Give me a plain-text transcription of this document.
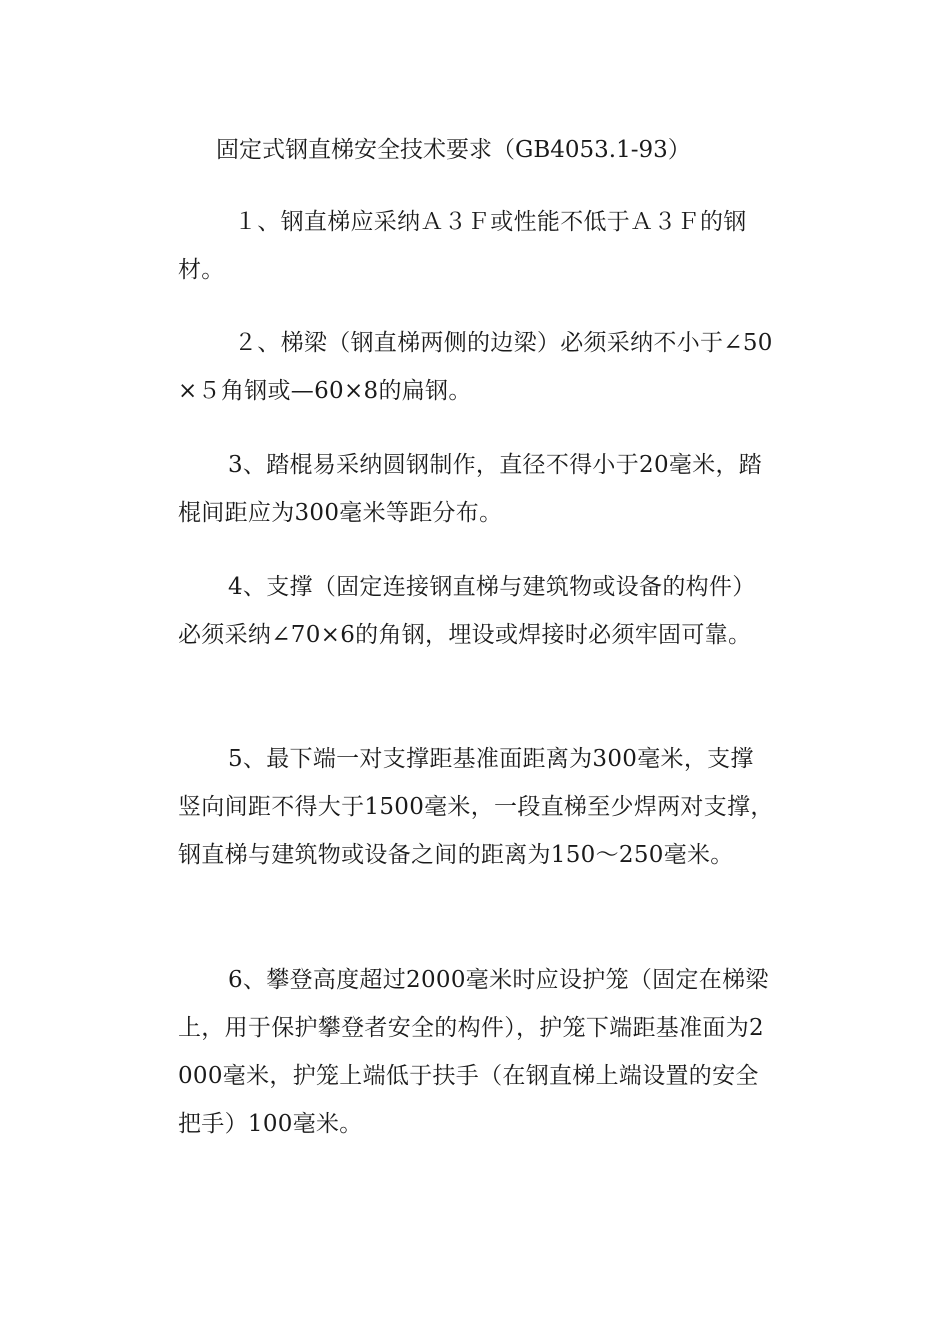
固定式钢直梯安全技术要求（GB4053.1-93）

１、钢直梯应采纳Ａ３Ｆ或性能不低于Ａ３Ｆ的钢材。

２、梯梁（钢直梯两侧的边梁）必须采纳不小于∠50×５角钢或—60×8的扁钢。

3、踏棍易采纳圆钢制作，直径不得小于20毫米，踏棍间距应为300毫米等距分布。

4、支撑（固定连接钢直梯与建筑物或设备的构件）必须采纳∠70×6的角钢，埋设或焊接时必须牢固可靠。

5、最下端一对支撑距基准面距离为300毫米，支撑竖向间距不得大于1500毫米，一段直梯至少焊两对支撑，钢直梯与建筑物或设备之间的距离为150～250毫米。

6、攀登高度超过2000毫米时应设护笼（固定在梯梁上，用于保护攀登者安全的构件），护笼下端距基准面为2000毫米，护笼上端低于扶手（在钢直梯上端设置的安全把手）100毫米。
